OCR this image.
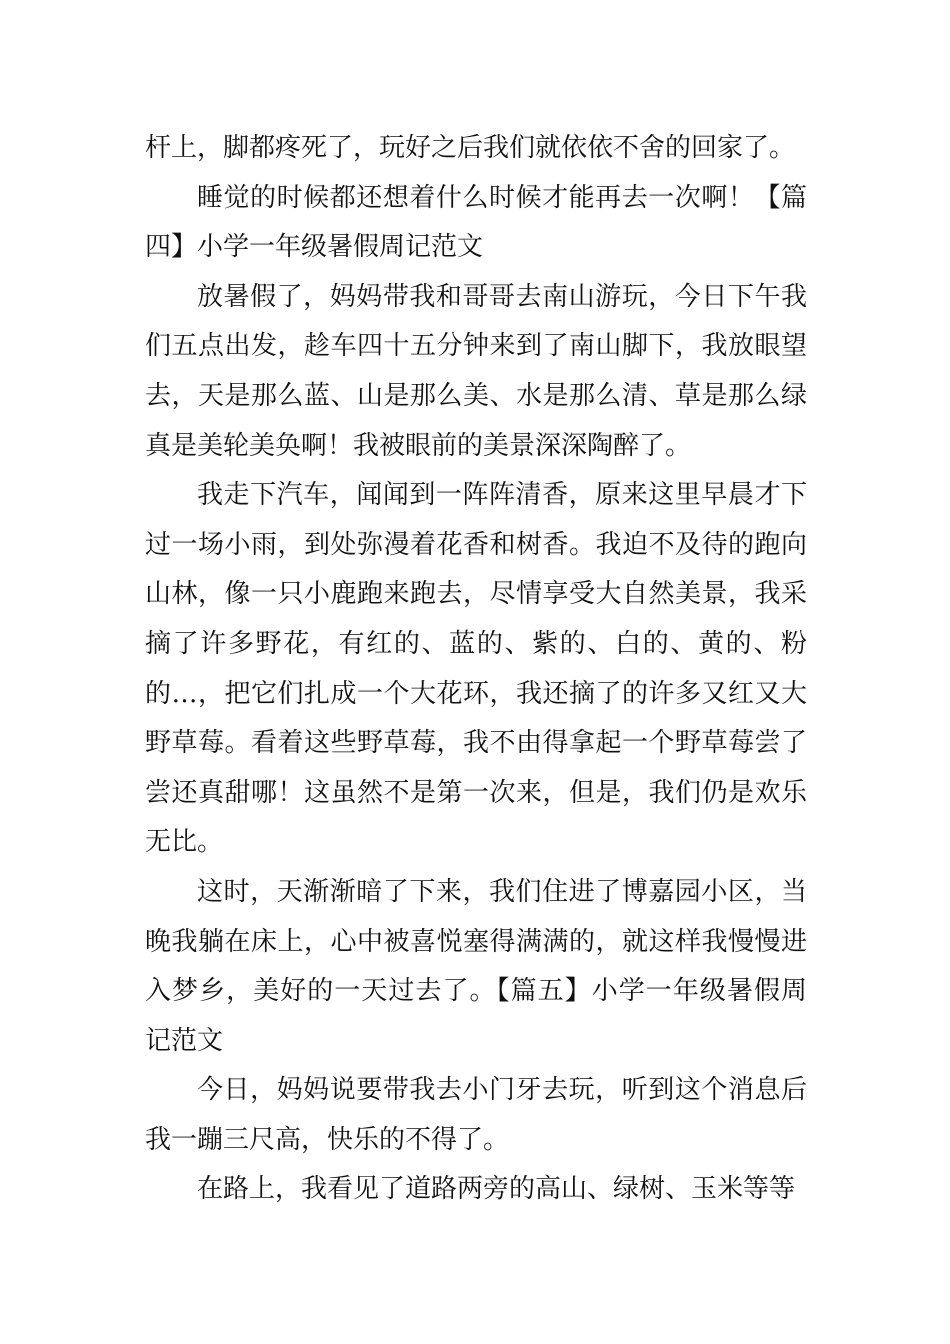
杆上，脚都疼死了，玩好之后我们就依依不舍的回家了。

睡觉的时候都还想着什么时候才能再去一次啊！【篇四】小学一年级暑假周记范文

放暑假了，妈妈带我和哥哥去南山游玩，今日下午我们五点出发，趁车四十五分钟来到了南山脚下，我放眼望去，天是那么蓝、山是那么美、水是那么清、草是那么绿真是美轮美奂啊！我被眼前的美景深深陶醉了。

我走下汽车，闻闻到一阵阵清香，原来这里早晨才下过一场小雨，到处弥漫着花香和树香。我迫不及待的跑向山林，像一只小鹿跑来跑去，尽情享受大自然美景，我采摘了许多野花，有红的、蓝的、紫的、白的、黄的、粉的…，把它们扎成一个大花环，我还摘了的许多又红又大野草莓。看着这些野草莓，我不由得拿起一个野草莓尝了尝还真甜哪！这虽然不是第一次来，但是，我们仍是欢乐无比。

这时，天渐渐暗了下来，我们住进了博嘉园小区，当晚我躺在床上，心中被喜悦塞得满满的，就这样我慢慢进入梦乡，美好的一天过去了。【篇五】小学一年级暑假周记范文

今日，妈妈说要带我去小门牙去玩，听到这个消息后我一蹦三尺高，快乐的不得了。

在路上，我看见了道路两旁的高山、绿树、玉米等等
